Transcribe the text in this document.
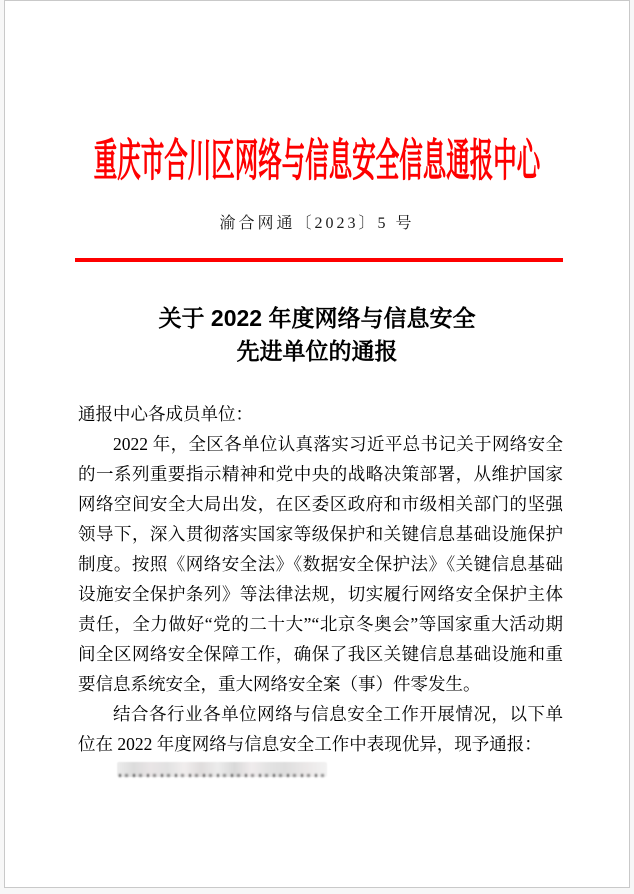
重庆市合川区网络与信息安全信息通报中心
渝合网通〔2023〕5 号
关于 2022 年度网络与信息安全
先进单位的通报

通报中心各成员单位：

2022 年，全区各单位认真落实习近平总书记关于网络安全的一系列重要指示精神和党中央的战略决策部署，从维护国家网络空间安全大局出发，在区委区政府和市级相关部门的坚强领导下，深入贯彻落实国家等级保护和关键信息基础设施保护制度。按照《网络安全法》《数据安全保护法》《关键信息基础设施安全保护条列》等法律法规，切实履行网络安全保护主体责任，全力做好“党的二十大”“北京冬奥会”等国家重大活动期间全区网络安全保障工作，确保了我区关键信息基础设施和重要信息系统安全，重大网络安全案（事）件零发生。

结合各行业各单位网络与信息安全工作开展情况，以下单位在 2022 年度网络与信息安全工作中表现优异，现予通报：
